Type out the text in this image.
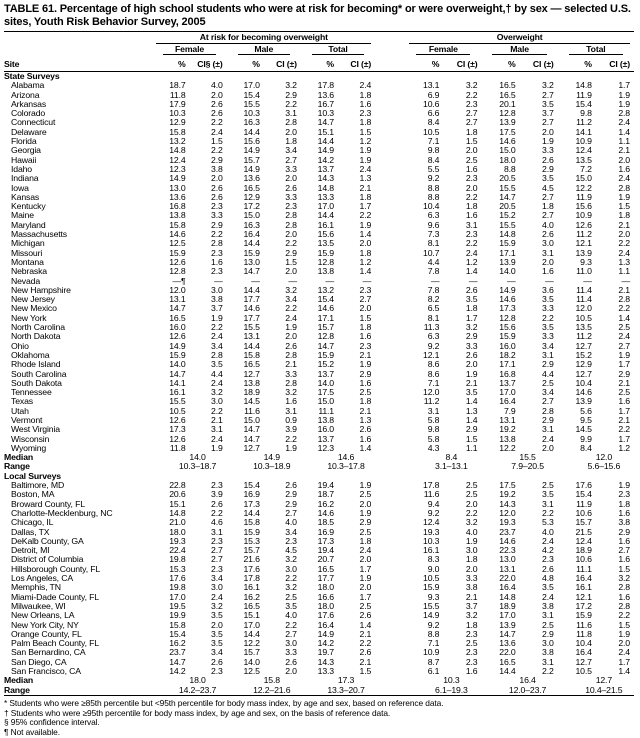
TABLE 61. Percentage of high school students who were at risk for becoming* or were overweight,† by sex — selected U.S. sites, Youth Risk Behavior Survey, 2005

	At risk for becoming overweight							Overweight					

	Female		Male		Total			Female		Male		Total	

Site	%	CI§ (±)	%	CI (±)	%	CI (±)		%	CI (±)	%	CI (±)	%	CI (±)
State Surveys													
Alabama	18.7	4.0	17.0	3.2	17.8	2.4		13.1	3.2	16.5	3.2	14.8	1.7
Arizona	11.8	2.0	15.4	2.9	13.6	1.8		6.9	2.2	16.5	2.7	11.9	1.9
Arkansas	17.9	2.6	15.5	2.2	16.7	1.6		10.6	2.3	20.1	3.5	15.4	1.9
Colorado	10.3	2.6	10.3	3.1	10.3	2.3		6.6	2.7	12.8	3.7	9.8	2.8
Connecticut	12.9	2.2	16.3	2.8	14.7	1.8		8.4	2.7	13.9	2.7	11.2	2.4
Delaware	15.8	2.4	14.4	2.0	15.1	1.5		10.5	1.8	17.5	2.0	14.1	1.4
Florida	13.2	1.5	15.6	1.8	14.4	1.2		7.1	1.5	14.6	1.9	10.9	1.1
Georgia	14.8	2.2	14.9	3.4	14.9	1.9		9.8	2.0	15.0	3.3	12.4	2.1
Hawaii	12.4	2.9	15.7	2.7	14.2	1.9		8.4	2.5	18.0	2.6	13.5	2.0
Idaho	12.3	3.8	14.9	3.3	13.7	2.4		5.5	1.6	8.8	2.9	7.2	1.6
Indiana	14.9	2.0	13.6	2.0	14.3	1.3		9.2	2.3	20.5	3.5	15.0	2.4
Iowa	13.0	2.6	16.5	2.6	14.8	2.1		8.8	2.0	15.5	4.5	12.2	2.8
Kansas	13.6	2.6	12.9	3.3	13.3	1.8		8.8	2.2	14.7	2.7	11.9	1.9
Kentucky	16.8	2.3	17.2	2.3	17.0	1.7		10.4	1.8	20.5	1.8	15.6	1.5
Maine	13.8	3.3	15.0	2.8	14.4	2.2		6.3	1.6	15.2	2.7	10.9	1.8
Maryland	15.8	2.9	16.3	2.8	16.1	1.9		9.6	3.1	15.5	4.0	12.6	2.1
Massachusetts	14.6	2.2	16.4	2.0	15.6	1.4		7.3	2.3	14.8	2.6	11.2	2.0
Michigan	12.5	2.8	14.4	2.2	13.5	2.0		8.1	2.2	15.9	3.0	12.1	2.2
Missouri	15.9	2.3	15.9	2.9	15.9	1.8		10.7	2.4	17.1	3.1	13.9	2.4
Montana	12.6	1.6	13.0	1.5	12.8	1.2		4.4	1.2	13.9	2.0	9.3	1.3
Nebraska	12.8	2.3	14.7	2.0	13.8	1.4		7.8	1.4	14.0	1.6	11.0	1.1
Nevada	—¶	—	—	—	—	—		—	—	—	—	—	—
New Hampshire	12.0	3.0	14.4	3.2	13.2	2.3		7.8	2.6	14.9	3.6	11.4	2.1
New Jersey	13.1	3.8	17.7	3.4	15.4	2.7		8.2	3.5	14.6	3.5	11.4	2.8
New Mexico	14.7	3.7	14.6	2.2	14.6	2.0		6.5	1.8	17.3	3.3	12.0	2.2
New York	16.5	1.9	17.7	2.4	17.1	1.5		8.1	1.7	12.8	2.2	10.5	1.4
North Carolina	16.0	2.2	15.5	1.9	15.7	1.8		11.3	3.2	15.6	3.5	13.5	2.5
North Dakota	12.6	2.4	13.1	2.0	12.8	1.6		6.3	2.9	15.9	3.3	11.2	2.4
Ohio	14.9	3.4	14.4	2.6	14.7	2.3		9.2	3.3	16.0	3.4	12.7	2.7
Oklahoma	15.9	2.8	15.8	2.8	15.9	2.1		12.1	2.6	18.2	3.1	15.2	1.9
Rhode Island	14.0	3.5	16.5	2.1	15.2	1.9		8.6	2.0	17.1	2.9	12.9	1.7
South Carolina	14.7	4.4	12.7	3.3	13.7	2.9		8.6	1.9	16.8	4.4	12.7	2.9
South Dakota	14.1	2.4	13.8	2.8	14.0	1.6		7.1	2.1	13.7	2.5	10.4	2.1
Tennessee	16.1	3.2	18.9	3.2	17.5	2.5		12.0	3.5	17.0	3.4	14.6	2.5
Texas	15.5	3.0	14.5	1.6	15.0	1.8		11.2	1.4	16.4	2.7	13.9	1.6
Utah	10.5	2.2	11.6	3.1	11.1	2.1		3.1	1.3	7.9	2.8	5.6	1.7
Vermont	12.6	2.1	15.0	0.9	13.8	1.3		5.8	1.4	13.1	2.9	9.5	2.1
West Virginia	17.3	3.1	14.7	3.9	16.0	2.6		9.8	2.9	19.2	3.1	14.5	2.2
Wisconsin	12.6	2.4	14.7	2.2	13.7	1.6		5.8	1.5	13.8	2.4	9.9	1.7
Wyoming	11.8	1.9	12.7	1.9	12.3	1.4		4.3	1.1	12.2	2.0	8.4	1.2
Median	14.0		14.9		14.6			8.4		15.5		12.0	
Range	10.3–18.7		10.3–18.9		10.3–17.8			3.1–13.1		7.9–20.5		5.6–15.6	
Local Surveys													
Baltimore, MD	22.8	2.3	15.4	2.6	19.4	1.9		17.8	2.5	17.5	2.5	17.6	1.9
Boston, MA	20.6	3.9	16.9	2.9	18.7	2.5		11.6	2.5	19.2	3.5	15.4	2.3
Broward County, FL	15.1	2.6	17.3	2.9	16.2	2.0		9.4	2.0	14.3	3.1	11.9	1.8
Charlotte-Mecklenburg, NC	14.8	2.2	14.4	2.7	14.6	1.9		9.2	2.2	12.0	2.2	10.6	1.6
Chicago, IL	21.0	4.6	15.8	4.0	18.5	2.9		12.4	3.2	19.3	5.3	15.7	3.8
Dallas, TX	18.0	3.1	15.9	3.4	16.9	2.5		19.3	4.0	23.7	4.0	21.5	2.9
DeKalb County, GA	19.3	2.3	15.3	2.3	17.3	1.8		10.3	1.9	14.6	2.4	12.4	1.6
Detroit, MI	22.4	2.7	15.7	4.5	19.4	2.4		16.1	3.0	22.3	4.2	18.9	2.7
District of Columbia	19.8	2.7	21.6	3.2	20.7	2.0		8.3	1.8	13.0	2.3	10.6	1.6
Hillsborough County, FL	15.3	2.3	17.6	3.0	16.5	1.7		9.0	2.0	13.1	2.6	11.1	1.5
Los Angeles, CA	17.6	3.4	17.8	2.2	17.7	1.9		10.5	3.3	22.0	4.8	16.4	3.2
Memphis, TN	19.8	3.0	16.1	3.2	18.0	2.0		15.9	3.8	16.4	3.5	16.1	2.8
Miami-Dade County, FL	17.0	2.4	16.2	2.5	16.6	1.7		9.3	2.1	14.8	2.4	12.1	1.6
Milwaukee, WI	19.5	3.2	16.5	3.5	18.0	2.5		15.5	3.7	18.9	3.8	17.2	2.8
New Orleans, LA	19.9	3.5	15.1	4.0	17.6	2.6		14.9	3.2	17.0	3.1	15.9	2.2
New York City, NY	15.8	2.0	17.0	2.2	16.4	1.4		9.2	1.8	13.9	2.5	11.6	1.5
Orange County, FL	15.4	3.5	14.4	2.7	14.9	2.1		8.8	2.3	14.7	2.9	11.8	1.9
Palm Beach County, FL	16.2	3.5	12.2	3.0	14.2	2.2		7.1	2.5	13.6	3.0	10.4	2.0
San Bernardino, CA	23.7	3.4	15.7	3.3	19.7	2.6		10.9	2.3	22.0	3.8	16.4	2.4
San Diego, CA	14.7	2.6	14.0	2.6	14.3	2.1		8.7	2.3	16.5	3.1	12.7	1.7
San Francisco, CA	14.2	2.3	12.5	2.0	13.3	1.5		6.1	1.6	14.4	2.2	10.5	1.4
Median	18.0		15.8		17.3			10.3		16.4		12.7	
Range	14.2–23.7		12.2–21.6		13.3–20.7			6.1–19.3		12.0–23.7		10.4–21.5	
* Students who were ≥85th percentile but <95th percentile for body mass index, by age and sex, based on reference data.
† Students who were ≥95th percentile for body mass index, by age and sex, on the basis of reference data.
§ 95% confidence interval.
¶ Not available.
